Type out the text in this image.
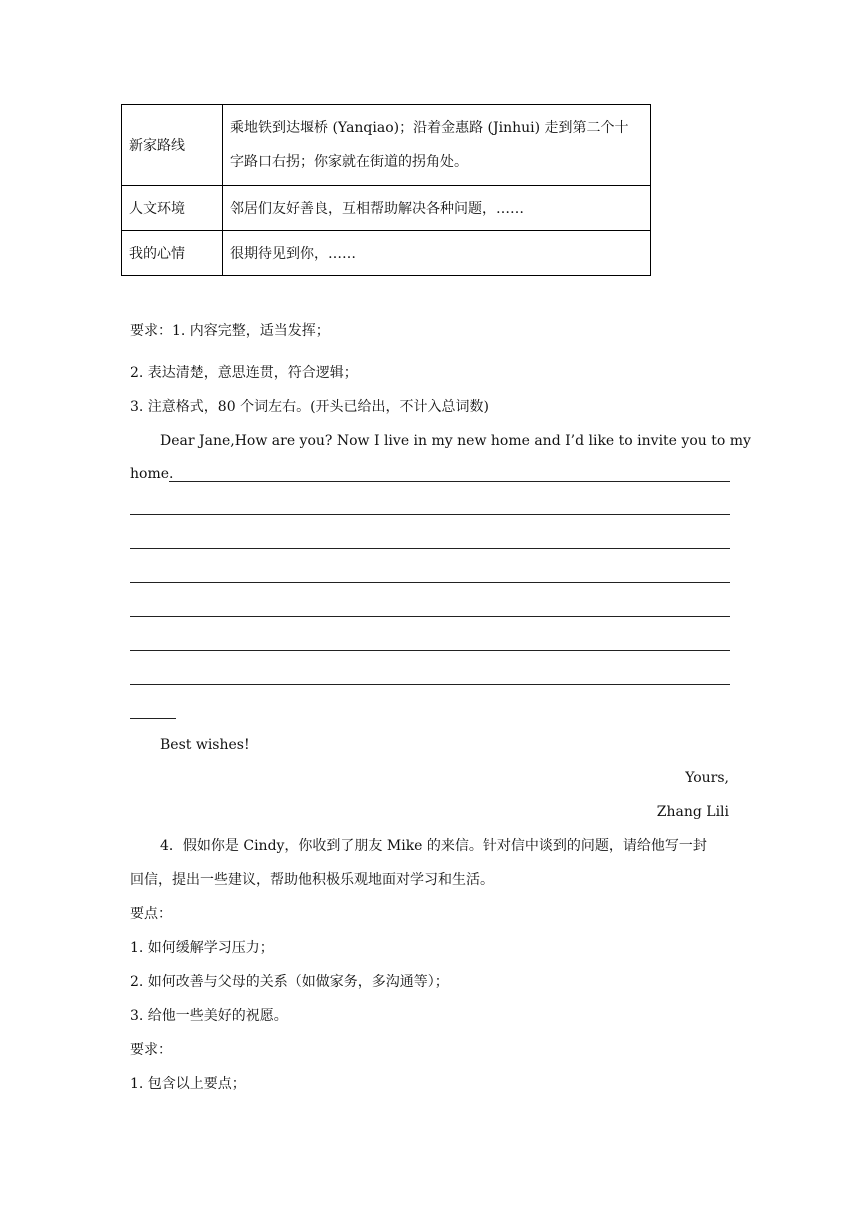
新家路线	乘地铁到达堰桥 (Yanqiao)；沿着金惠路 (Jinhui) 走到第二个十
字路口右拐；你家就在街道的拐角处。

人文环境	邻居们友好善良，互相帮助解决各种问题，……
我的心情	很期待见到你，……
要求：1. 内容完整，适当发挥；
2. 表达清楚，意思连贯，符合逻辑；
3. 注意格式，80 个词左右。(开头已给出，不计入总词数)
Dear Jane,How are you? Now I live in my new home and I’d like to invite you to my
home.
Best wishes!
Yours,
Zhang Lili
4．假如你是 Cindy，你收到了朋友 Mike 的来信。针对信中谈到的问题，请给他写一封
回信，提出一些建议，帮助他积极乐观地面对学习和生活。
要点：
1. 如何缓解学习压力；
2. 如何改善与父母的关系（如做家务，多沟通等）；
3. 给他一些美好的祝愿。
要求：
1. 包含以上要点；
